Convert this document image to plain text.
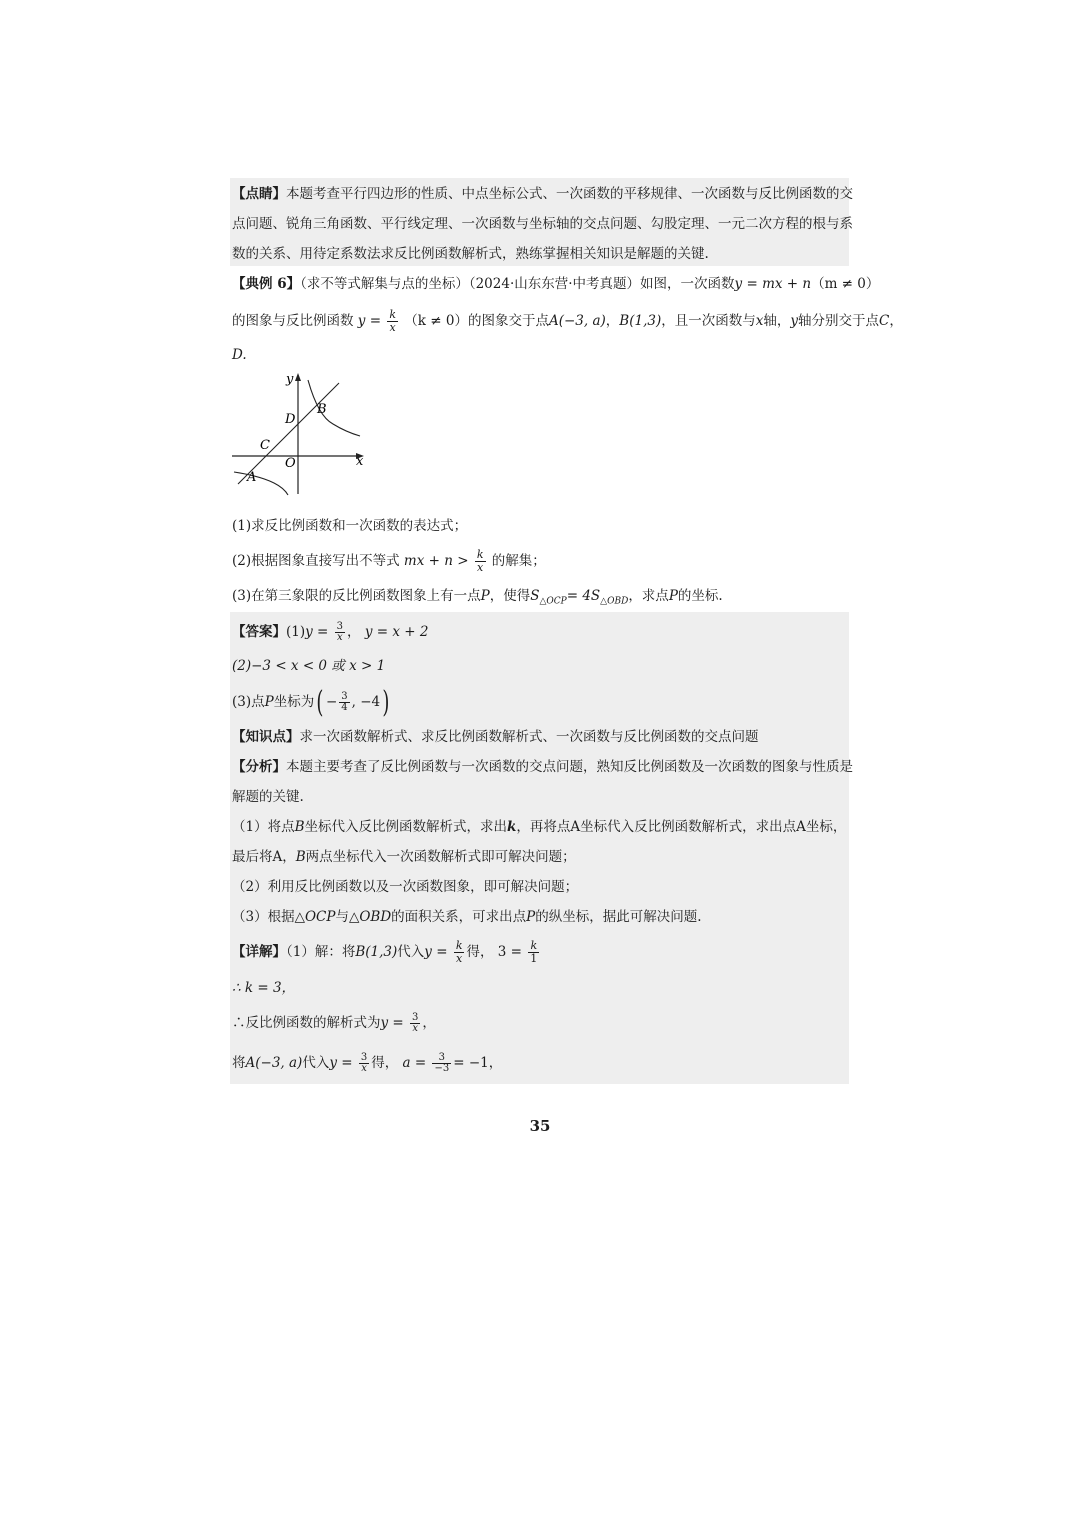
【点睛】本题考查平行四边形的性质、中点坐标公式、一次函数的平移规律、一次函数与反比例函数的交
点问题、锐角三角函数、平行线定理、一次函数与坐标轴的交点问题、勾股定理、一元二次方程的根与系
数的关系、用待定系数法求反比例函数解析式，熟练掌握相关知识是解题的关键.
【典例 6】（求不等式解集与点的坐标）（2024·山东东营·中考真题）如图，一次函数y = mx + n（m ≠ 0）
的图象与反比例函数 $y = \frac{k}{x} (k \ne 0)$的图象交于点A(−3, a)，B(1,3)，且一次函数与x轴，y轴分别交于点C，
D.
y
x
O
A
B
C
D
(1)求反比例函数和一次函数的表达式；
(2)根据图象直接写出不等式 mx + $n > \frac{k}{x}$ 的解集；
(3)在第三象限的反比例函数图象上有一点P，使得$S_{\triangle OCP}= 4S_{\triangle OBD}$，求点P的坐标.
【答案】$(1)y = \frac{3}{x}$ ， y = x + 2
(2)−3 < x < 0 或 x > 1
(3)点P坐标为( − $\frac{3}{4}$ , −4)
【知识点】求一次函数解析式、求反比例函数解析式、一次函数与反比例函数的交点问题
【分析】本题主要考查了反比例函数与一次函数的交点问题，熟知反比例函数及一次函数的图象与性质是
解题的关键.
（1）将点B坐标代入反比例函数解析式，求出k，再将点A坐标代入反比例函数解析式，求出点A坐标，
最后将A，B两点坐标代入一次函数解析式即可解决问题；
（2）利用反比例函数以及一次函数图象，即可解决问题；
（3）根据△OCP与△OBD的面积关系，可求出点P的纵坐标，据此可解决问题.
【详解】（1）解：将B(1,3)代入$y = \frac{k}{x}$ 得， $3 = \frac{k}{1}$
∴ k = 3，
∴反比例函数的解析式为$y = \frac{3}{x}$ ，
将A(−3, a)代入$y = \frac{3}{x}$ 得， $a = \frac{3}{-3} = -1$，
35
